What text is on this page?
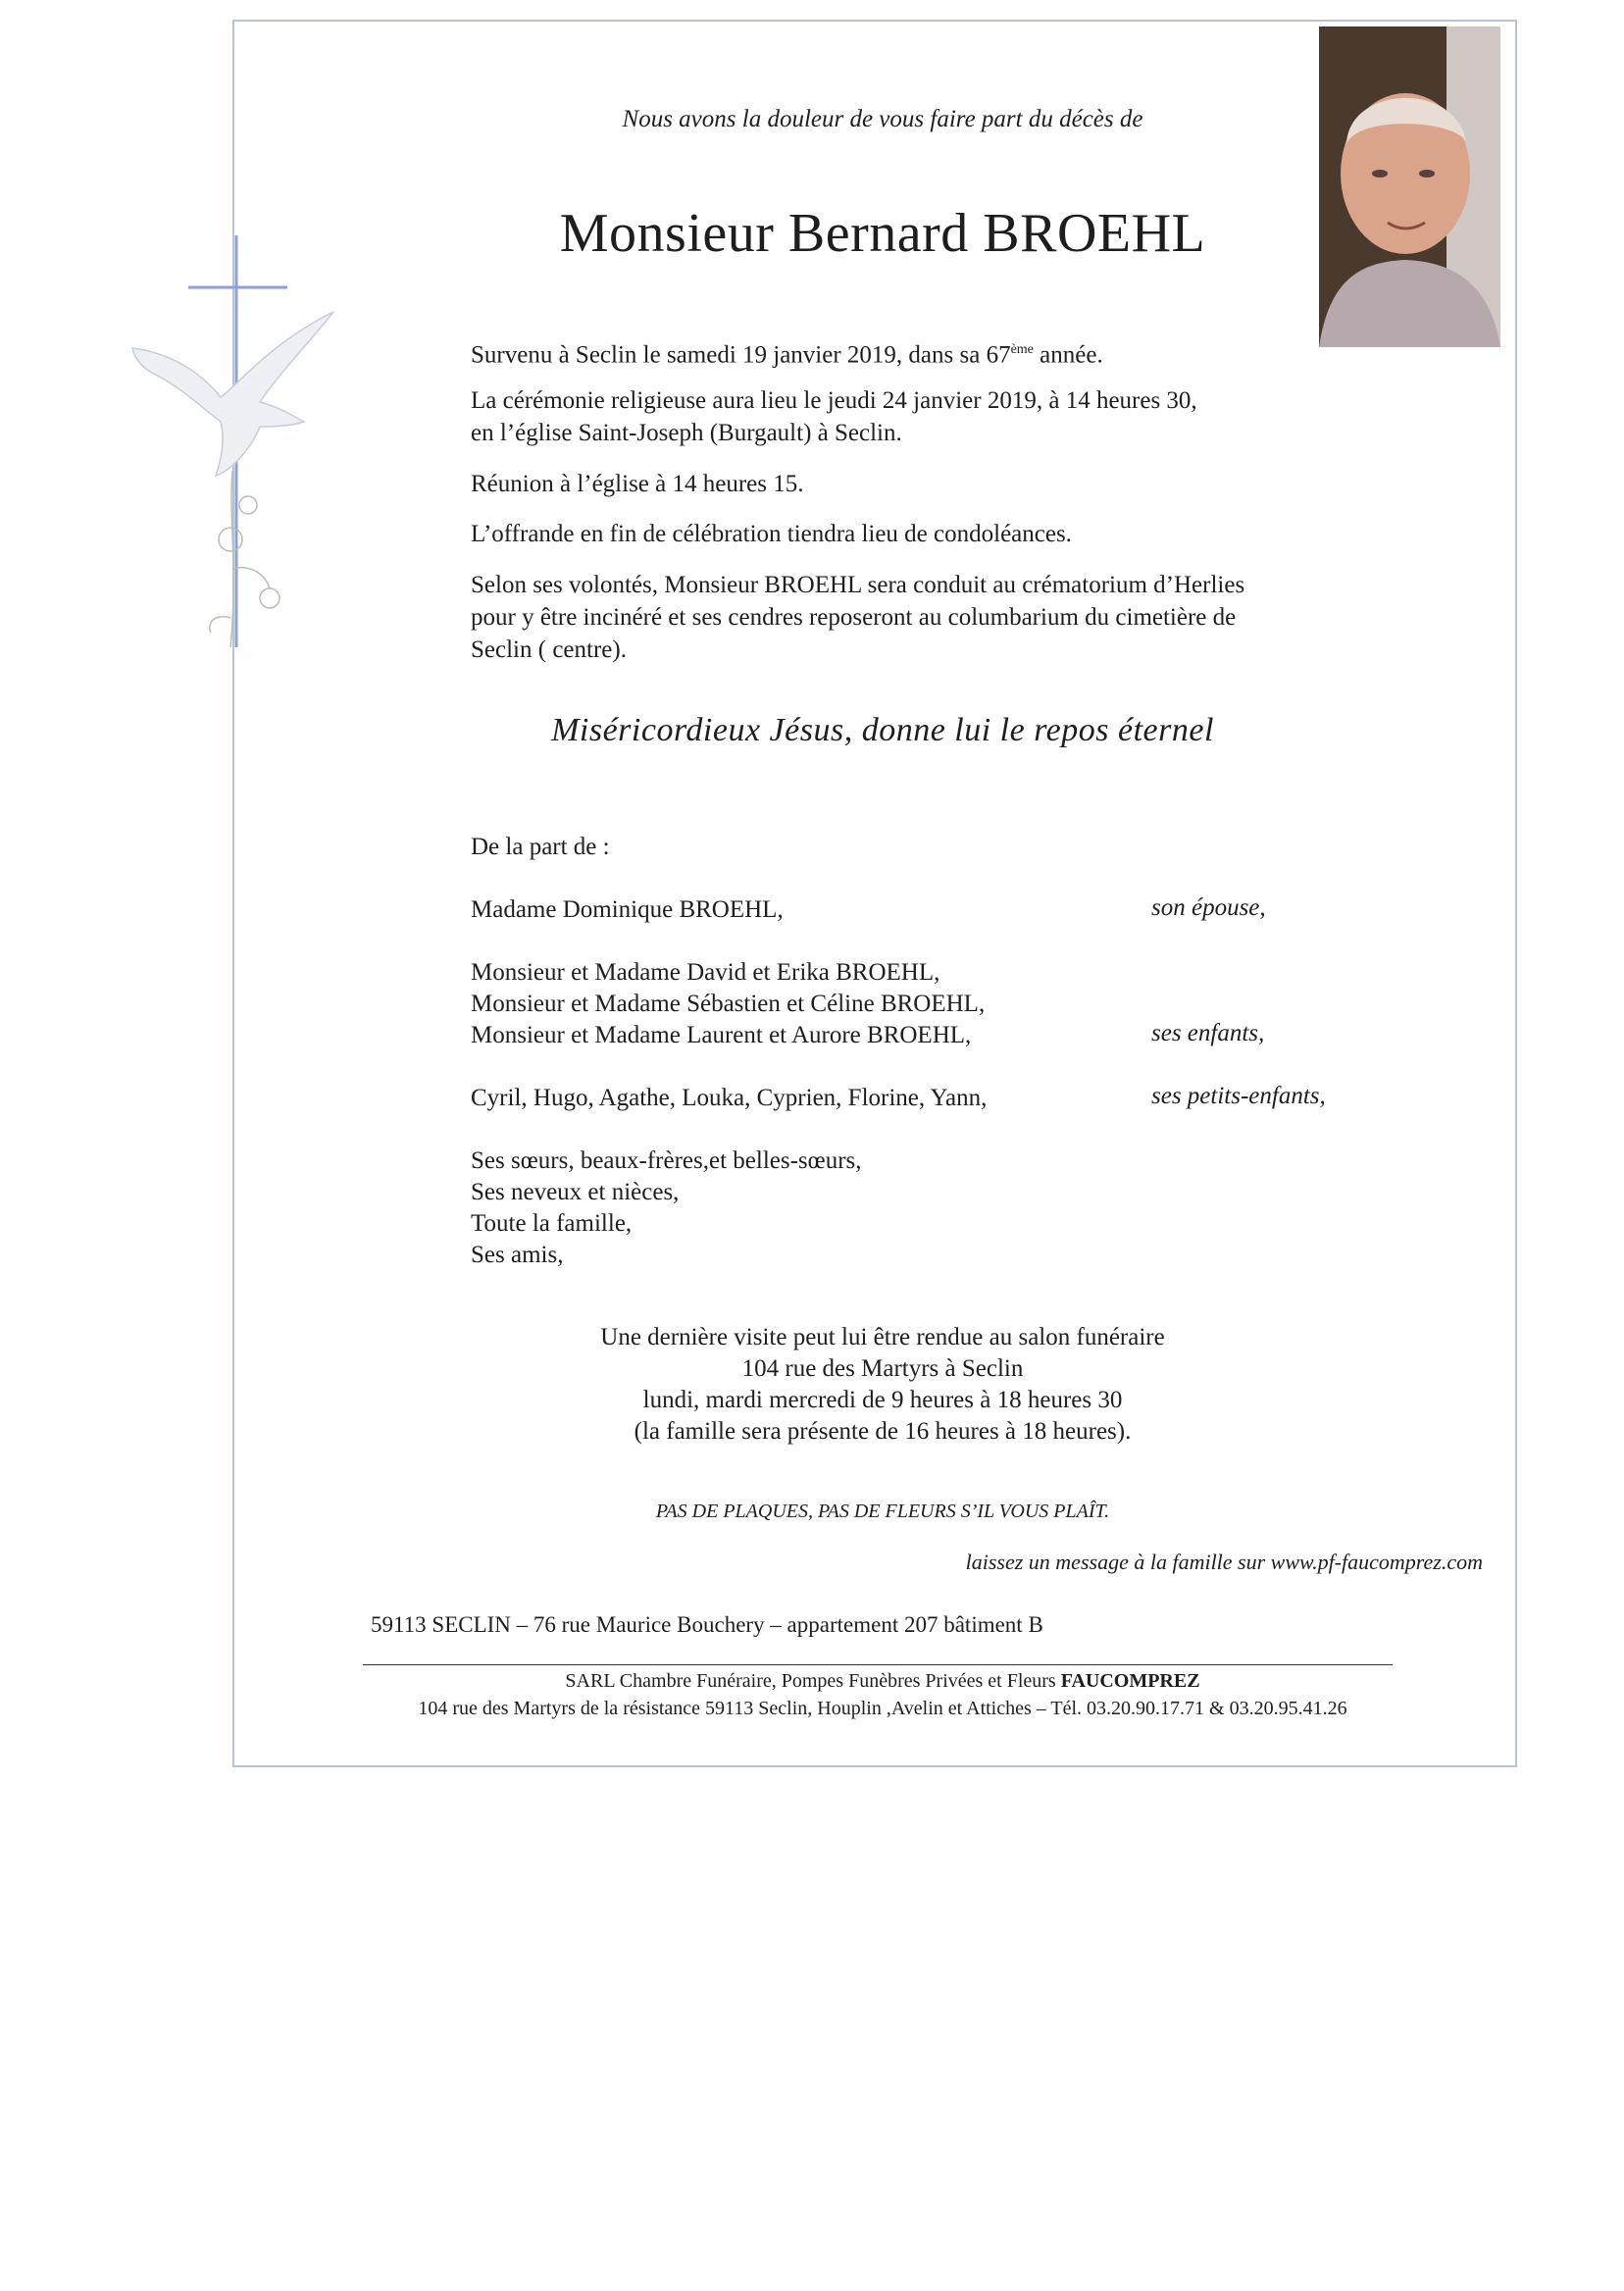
Nous avons la douleur de vous faire part du décès de
Monsieur Bernard BROEHL
Survenu à Seclin le samedi 19 janvier 2019, dans sa 67ème année.
La cérémonie religieuse aura lieu le jeudi 24 janvier 2019, à 14 heures 30,
en l’église Saint-Joseph (Burgault) à Seclin.
Réunion à l’église à 14 heures 15.
L’offrande en fin de célébration tiendra lieu de condoléances.
Selon ses volontés, Monsieur BROEHL sera conduit au crématorium d’Herlies
pour y être incinéré et ses cendres reposeront au columbarium du cimetière de
Seclin ( centre).
Miséricordieux Jésus, donne lui le repos éternel
De la part de :
Madame Dominique BROEHL,	son épouse,
Monsieur et Madame David et Erika BROEHL,
Monsieur et Madame Sébastien et Céline BROEHL,
Monsieur et Madame Laurent et Aurore BROEHL,	ses enfants,
Cyril, Hugo, Agathe, Louka, Cyprien, Florine, Yann,	ses petits-enfants,
Ses sœurs, beaux-frères,et belles-sœurs,
Ses neveux et nièces,
Toute la famille,
Ses amis,
Une dernière visite peut lui être rendue au salon funéraire
104 rue des Martyrs à Seclin
lundi, mardi mercredi de 9 heures à 18 heures 30
(la famille sera présente de 16 heures à 18 heures).
PAS DE PLAQUES, PAS DE FLEURS S’IL VOUS PLAÎT.
laissez un message à la famille sur www.pf-faucomprez.com
59113 SECLIN – 76 rue Maurice Bouchery – appartement 207 bâtiment B
SARL Chambre Funéraire, Pompes Funèbres Privées et Fleurs FAUCOMPREZ
104 rue des Martyrs de la résistance 59113 Seclin, Houplin ,Avelin et Attiches – Tél. 03.20.90.17.71 & 03.20.95.41.26
